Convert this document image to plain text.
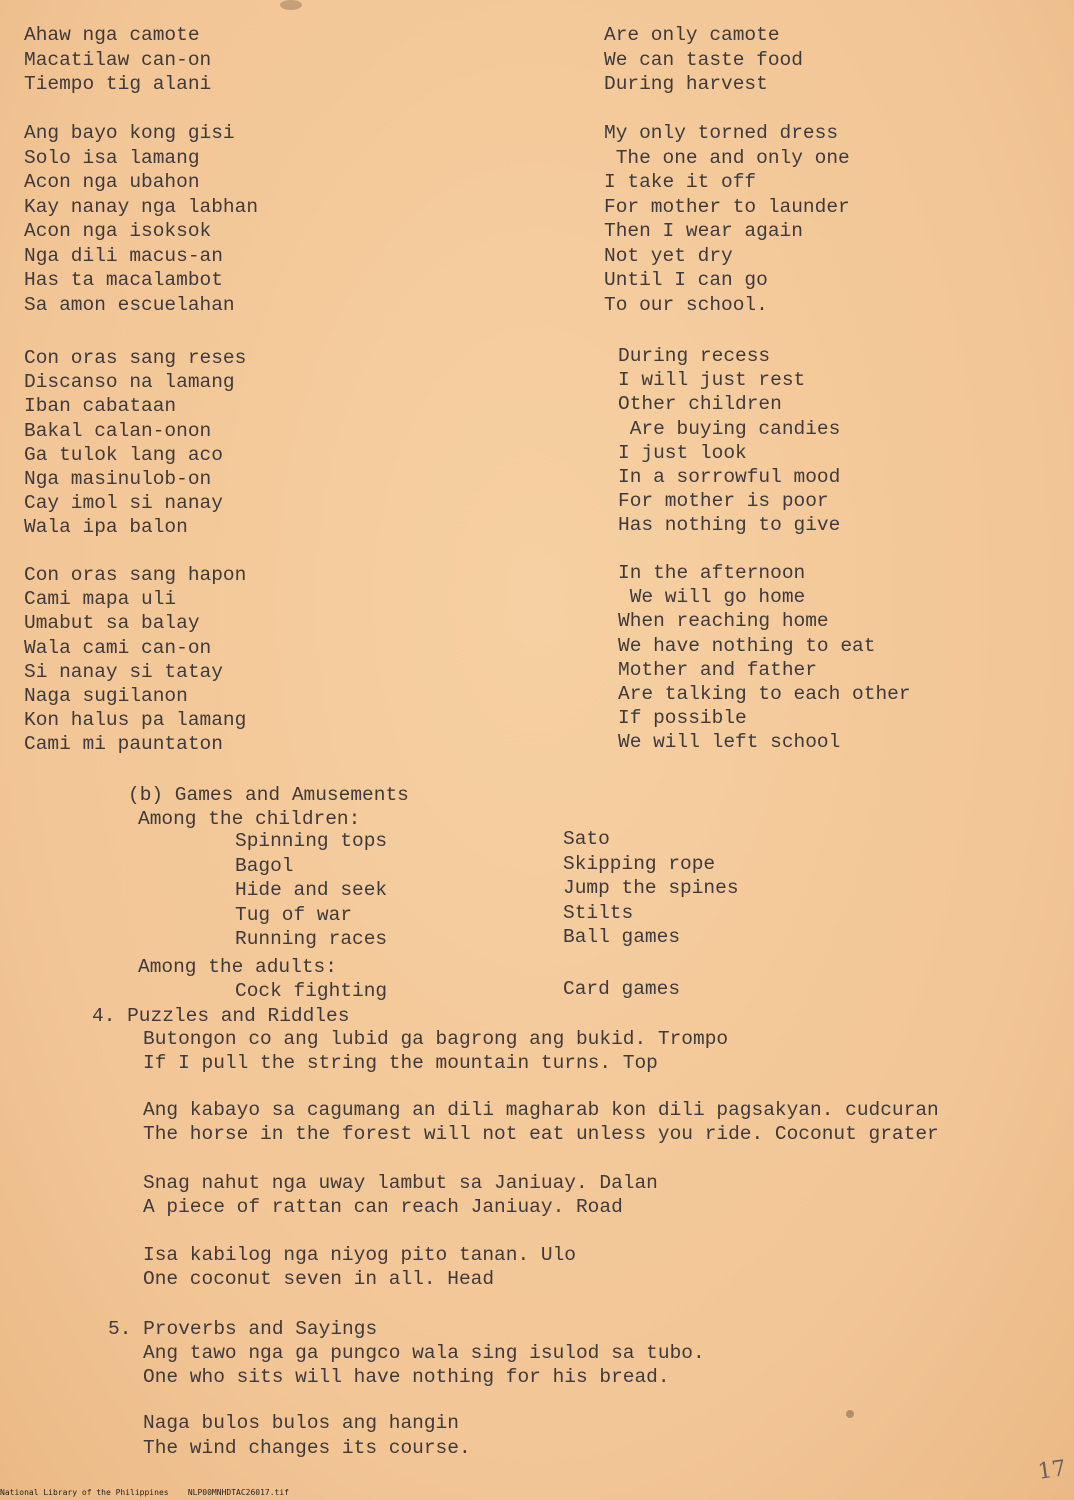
Ahaw nga camote
Macatilaw can-on
Tiempo tig alani
Are only camote
We can taste food
During harvest
Ang bayo kong gisi
Solo isa lamang
Acon nga ubahon
Kay nanay nga labhan
Acon nga isoksok
Nga dili macus-an
Has ta macalambot
Sa amon escuelahan
My only torned dress
The one and only one
I take it off
For mother to launder
Then I wear again
Not yet dry
Until I can go
To our school.
Con oras sang reses
Discanso na lamang
Iban cabataan
Bakal calan-onon
Ga tulok lang aco
Nga masinulob-on
Cay imol si nanay
Wala ipa balon
During recess
I will just rest
Other children
Are buying candies
I just look
In a sorrowful mood
For mother is poor
Has nothing to give
Con oras sang hapon
Cami mapa uli
Umabut sa balay
Wala cami can-on
Si nanay si tatay
Naga sugilanon
Kon halus pa lamang
Cami mi pauntaton
In the afternoon
We will go home
When reaching home
We have nothing to eat
Mother and father
Are talking to each other
If possible
We will left school
(b) Games and Amusements
Among the children:
Spinning tops
Bagol
Hide and seek
Tug of war
Running races
Sato
Skipping rope
Jump the spines
Stilts
Ball games
Among the adults:
Cock fighting	Card games
4. Puzzles and Riddles
Butongon co ang lubid ga bagrong ang bukid. Trompo
If I pull the string the mountain turns. Top
Ang kabayo sa cagumang an dili magharab kon dili pagsakyan. cudcuran
The horse in the forest will not eat unless you ride. Coconut grater
Snag nahut nga uway lambut sa Janiuay. Dalan
A piece of rattan can reach Janiuay. Road
Isa kabilog nga niyog pito tanan. Ulo
One coconut seven in all. Head
5. Proverbs and Sayings
Ang tawo nga ga pungco wala sing isulod sa tubo.
One who sits will have nothing for his bread.
Naga bulos bulos ang hangin
The wind changes its course.
17
National Library of the Philippines NLP00MNHDTAC26017.tif
